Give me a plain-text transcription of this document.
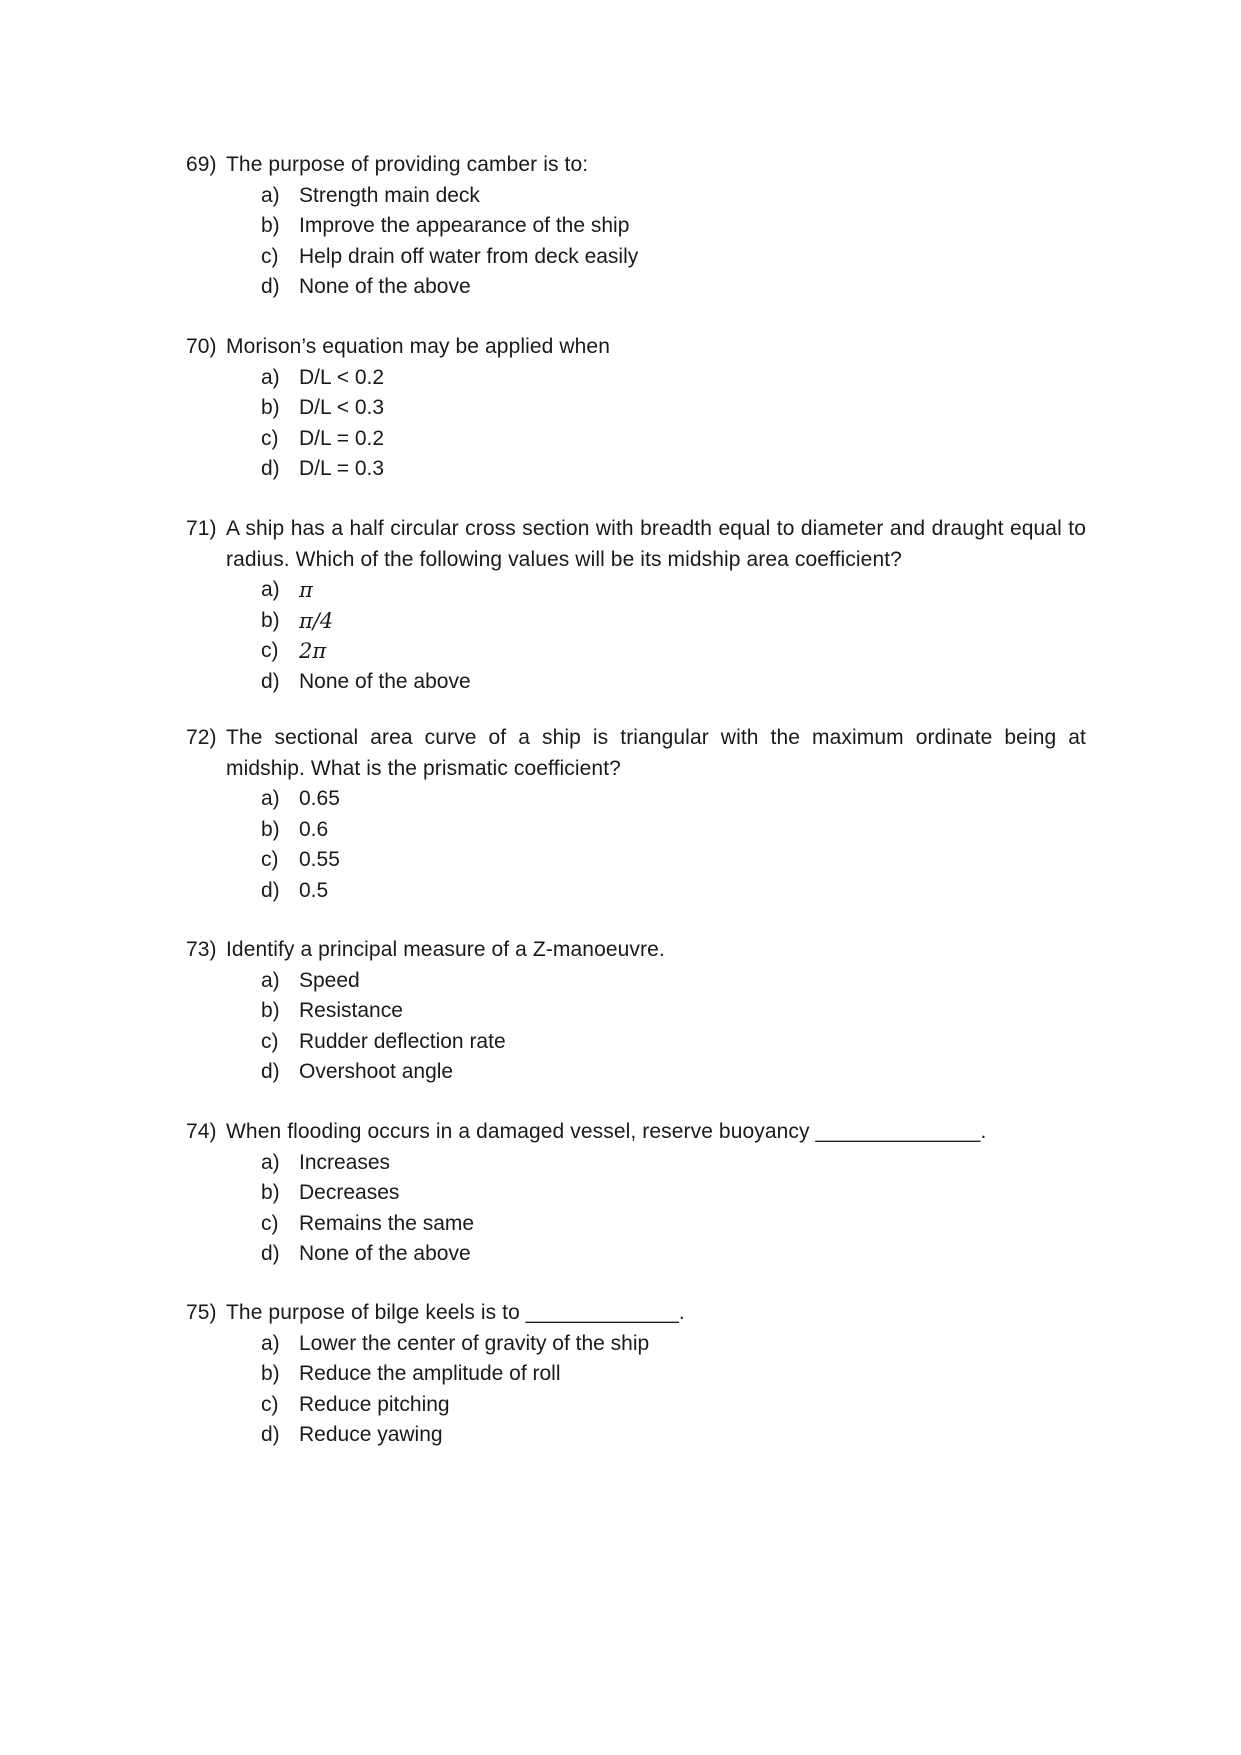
69) The purpose of providing camber is to:
a) Strength main deck
b) Improve the appearance of the ship
c) Help drain off water from deck easily
d) None of the above
70) Morison’s equation may be applied when
a) D/L < 0.2
b) D/L < 0.3
c) D/L = 0.2
d) D/L = 0.3
71) A ship has a half circular cross section with breadth equal to diameter and draught equal to radius. Which of the following values will be its midship area coefficient?
a) π
b) π/4
c) 2π
d) None of the above
72) The sectional area curve of a ship is triangular with the maximum ordinate being at midship. What is the prismatic coefficient?
a) 0.65
b) 0.6
c) 0.55
d) 0.5
73) Identify a principal measure of a Z-manoeuvre.
a) Speed
b) Resistance
c) Rudder deflection rate
d) Overshoot angle
74) When flooding occurs in a damaged vessel, reserve buoyancy ______________.
a) Increases
b) Decreases
c) Remains the same
d) None of the above
75) The purpose of bilge keels is to _____________.
a) Lower the center of gravity of the ship
b) Reduce the amplitude of roll
c) Reduce pitching
d) Reduce yawing
